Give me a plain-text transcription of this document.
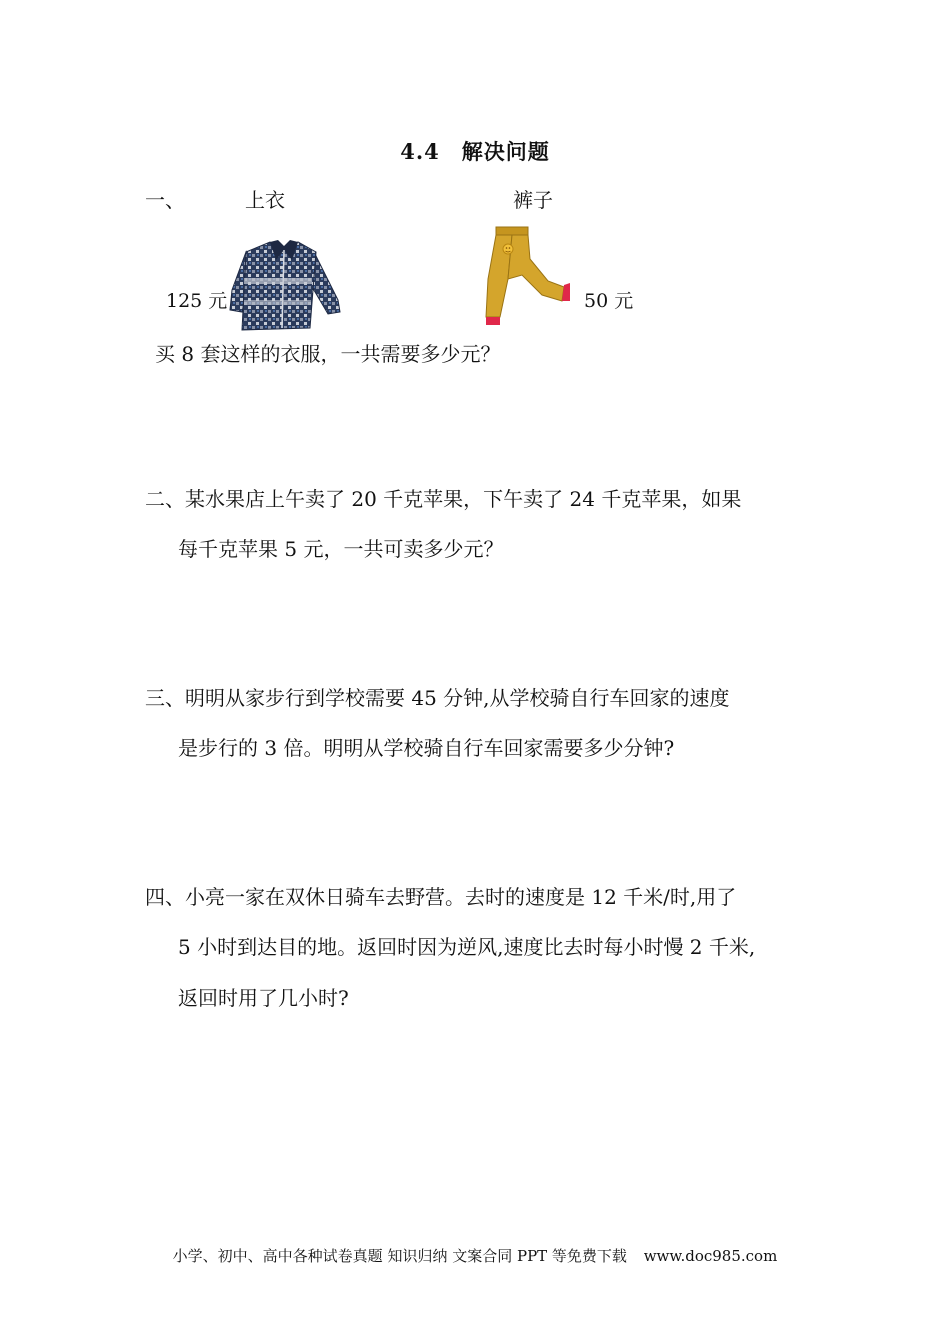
4.4　解决问题
一、	上衣	裤子
125 元	50 元
买 8 套这样的衣服，一共需要多少元？
二、某水果店上午卖了 20 千克苹果，下午卖了 24 千克苹果，如果
每千克苹果 5 元，一共可卖多少元？
三、明明从家步行到学校需要 45 分钟,从学校骑自行车回家的速度
是步行的 3 倍。明明从学校骑自行车回家需要多少分钟?
四、小亮一家在双休日骑车去野营。去时的速度是 12 千米/时,用了
5 小时到达目的地。返回时因为逆风,速度比去时每小时慢 2 千米,
返回时用了几小时?
小学、初中、高中各种试卷真题 知识归纳 文案合同 PPT 等免费下载 www.doc985.com
